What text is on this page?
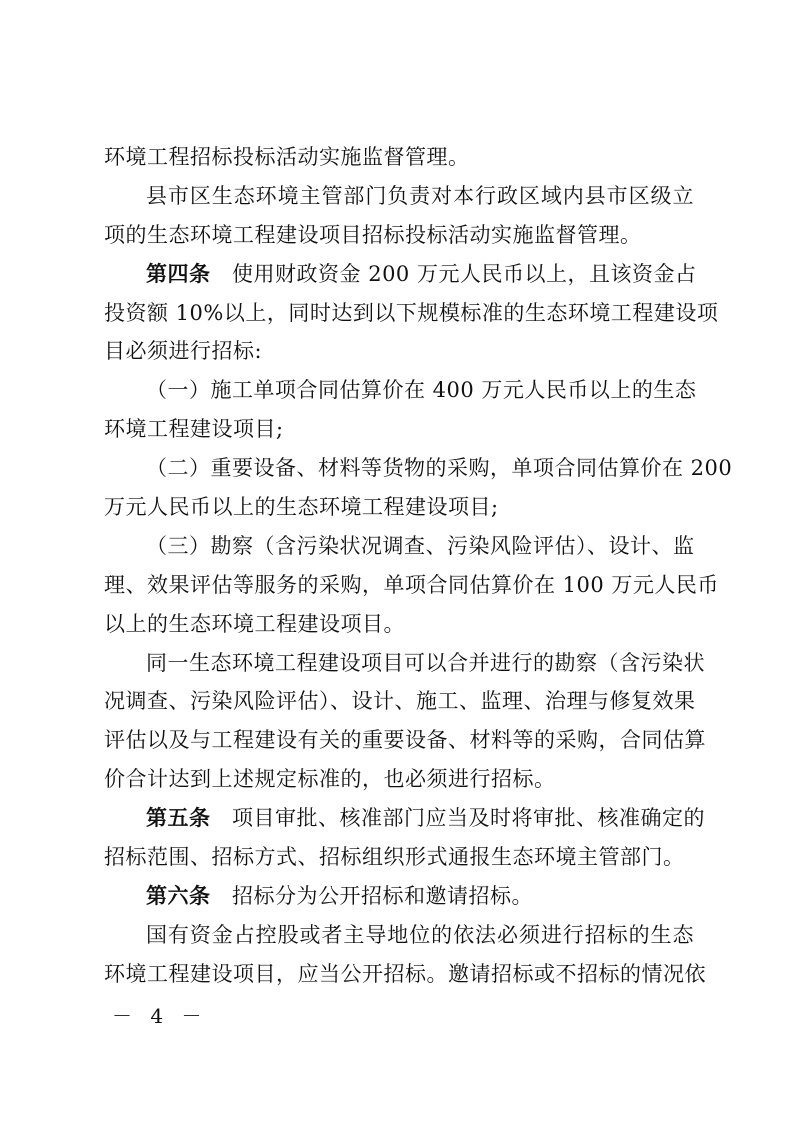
环境工程招标投标活动实施监督管理。
县市区生态环境主管部门负责对本行政区域内县市区级立
项的生态环境工程建设项目招标投标活动实施监督管理。
第四条 使用财政资金 200 万元人民币以上，且该资金占
投资额 10%以上，同时达到以下规模标准的生态环境工程建设项
目必须进行招标:
（一）施工单项合同估算价在 400 万元人民币以上的生态
环境工程建设项目;
（二）重要设备、材料等货物的采购，单项合同估算价在 200
万元人民币以上的生态环境工程建设项目;
（三）勘察（含污染状况调查、污染风险评估）、设计、监
理、效果评估等服务的采购，单项合同估算价在 100 万元人民币
以上的生态环境工程建设项目。
同一生态环境工程建设项目可以合并进行的勘察（含污染状
况调查、污染风险评估）、设计、施工、监理、治理与修复效果
评估以及与工程建设有关的重要设备、材料等的采购，合同估算
价合计达到上述规定标准的，也必须进行招标。
第五条 项目审批、核准部门应当及时将审批、核准确定的
招标范围、招标方式、招标组织形式通报生态环境主管部门。
第六条 招标分为公开招标和邀请招标。
国有资金占控股或者主导地位的依法必须进行招标的生态
环境工程建设项目，应当公开招标。邀请招标或不招标的情况依
－ 4 －
